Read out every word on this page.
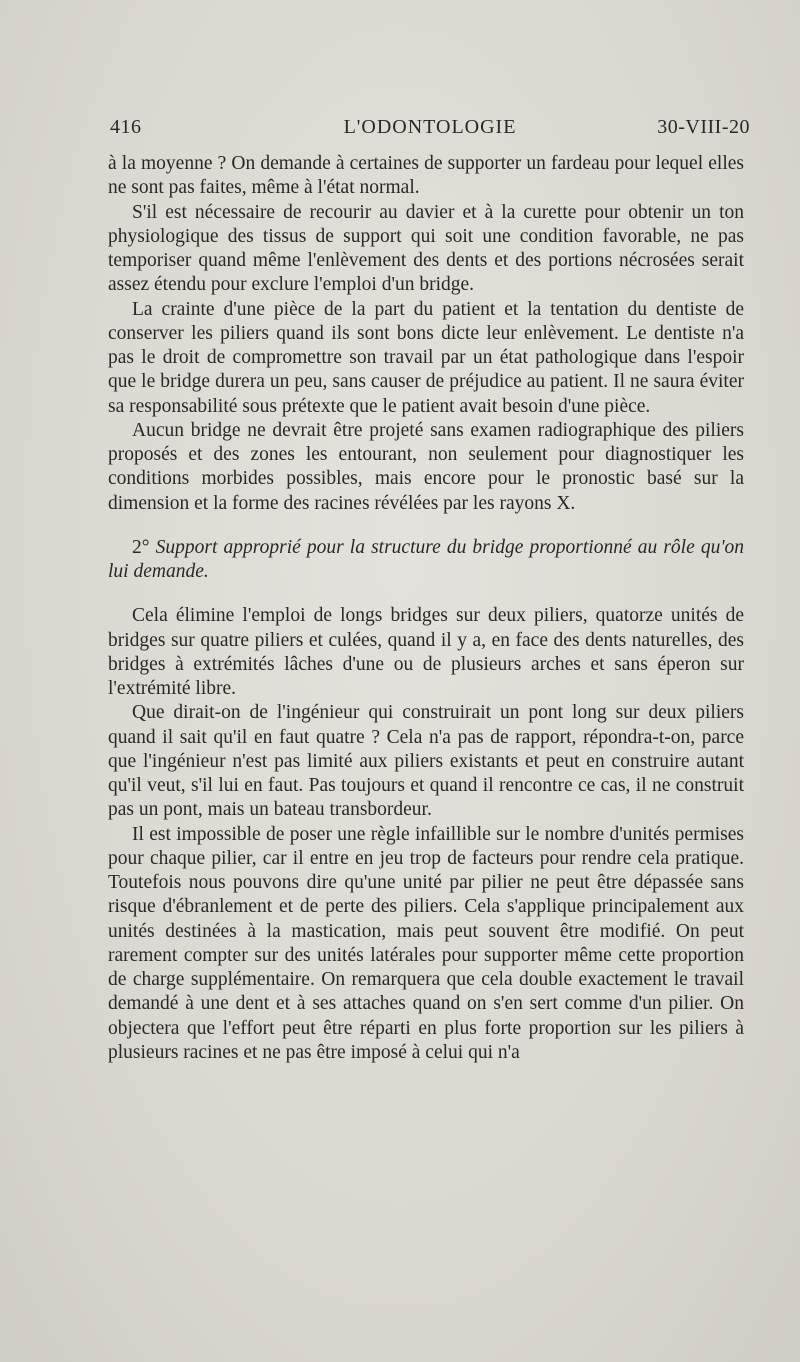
416	L'ODONTOLOGIE	30-VIII-20

à la moyenne ? On demande à certaines de supporter un fardeau pour lequel elles ne sont pas faites, même à l'état normal.

S'il est nécessaire de recourir au davier et à la curette pour obtenir un ton physiologique des tissus de support qui soit une condition favorable, ne pas temporiser quand même l'enlèvement des dents et des portions nécrosées serait assez étendu pour exclure l'emploi d'un bridge.

La crainte d'une pièce de la part du patient et la tentation du dentiste de conserver les piliers quand ils sont bons dicte leur enlèvement. Le dentiste n'a pas le droit de compromettre son travail par un état pathologique dans l'espoir que le bridge durera un peu, sans causer de préjudice au patient. Il ne saura éviter sa responsabilité sous prétexte que le patient avait besoin d'une pièce.

Aucun bridge ne devrait être projeté sans examen radiographique des piliers proposés et des zones les entourant, non seulement pour diagnostiquer les conditions morbides possibles, mais encore pour le pronostic basé sur la dimension et la forme des racines révélées par les rayons X.

2° Support approprié pour la structure du bridge proportionné au rôle qu'on lui demande.

Cela élimine l'emploi de longs bridges sur deux piliers, quatorze unités de bridges sur quatre piliers et culées, quand il y a, en face des dents naturelles, des bridges à extrémités lâches d'une ou de plusieurs arches et sans éperon sur l'extrémité libre.

Que dirait-on de l'ingénieur qui construirait un pont long sur deux piliers quand il sait qu'il en faut quatre ? Cela n'a pas de rapport, répondra-t-on, parce que l'ingénieur n'est pas limité aux piliers existants et peut en construire autant qu'il veut, s'il lui en faut. Pas toujours et quand il rencontre ce cas, il ne construit pas un pont, mais un bateau transbordeur.

Il est impossible de poser une règle infaillible sur le nombre d'unités permises pour chaque pilier, car il entre en jeu trop de facteurs pour rendre cela pratique. Toutefois nous pouvons dire qu'une unité par pilier ne peut être dépassée sans risque d'ébranlement et de perte des piliers. Cela s'applique principalement aux unités destinées à la mastication, mais peut souvent être modifié. On peut rarement compter sur des unités latérales pour supporter même cette proportion de charge supplémentaire. On remarquera que cela double exactement le travail demandé à une dent et à ses attaches quand on s'en sert comme d'un pilier. On objectera que l'effort peut être réparti en plus forte proportion sur les piliers à plusieurs racines et ne pas être imposé à celui qui n'a
